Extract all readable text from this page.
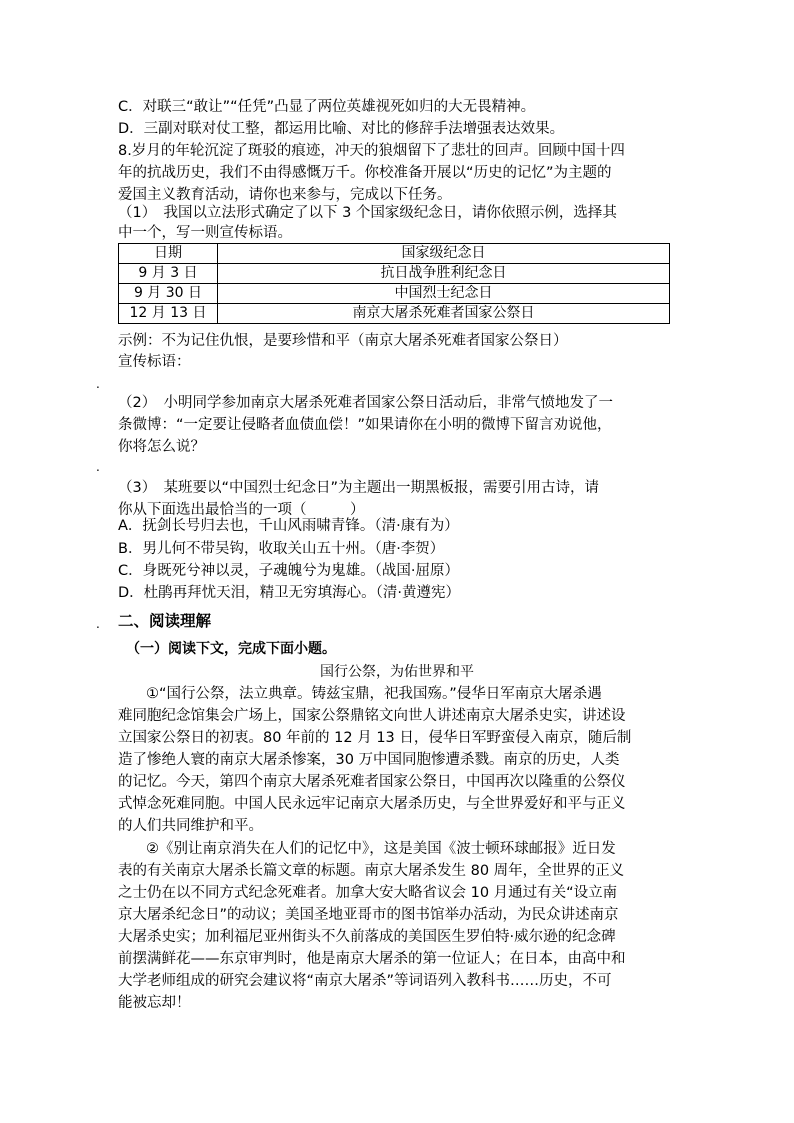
C．对联三“敢让”“任凭”凸显了两位英雄视死如归的大无畏精神。
D．三副对联对仗工整，都运用比喻、对比的修辞手法增强表达效果。
8.岁月的年轮沉淀了斑驳的痕迹，冲天的狼烟留下了悲壮的回声。回顾中国十四
年的抗战历史，我们不由得感慨万千。你校准备开展以“历史的记忆”为主题的
爱国主义教育活动，请你也来参与，完成以下任务。
（1）　我国以立法形式确定了以下 3 个国家级纪念日，请你依照示例，选择其
中一个，写一则宣传标语。
日期	国家级纪念日
9 月 3 日	抗日战争胜利纪念日
9 月 30 日	中国烈士纪念日
12 月 13 日	南京大屠杀死难者国家公祭日
示例：不为记住仇恨，是要珍惜和平（南京大屠杀死难者国家公祭日）
宣传标语：
.
（2）　小明同学参加南京大屠杀死难者国家公祭日活动后，非常气愤地发了一
条微博：“一定要让侵略者血债血偿！”如果请你在小明的微博下留言劝说他，
你将怎么说？
.
（3）　某班要以“中国烈士纪念日”为主题出一期黑板报，需要引用古诗，请
你从下面选出最恰当的一项（　　　）
A．抚剑长号归去也，千山风雨啸青锋。（清·康有为）
B．男儿何不带吴钩，收取关山五十州。（唐·李贺）
C．身既死兮神以灵，子魂魄兮为鬼雄。（战国·屈原）
D．杜鹃再拜忧天泪，精卫无穷填海心。（清·黄遵宪）
. 二、阅读理解
（一）阅读下文，完成下面小题。
国行公祭，为佑世界和平
①“国行公祭，法立典章。铸兹宝鼎，祀我国殇。”侵华日军南京大屠杀遇
难同胞纪念馆集会广场上，国家公祭鼎铭文向世人讲述南京大屠杀史实，讲述设
立国家公祭日的初衷。80 年前的 12 月 13 日，侵华日军野蛮侵入南京，随后制
造了惨绝人寰的南京大屠杀惨案，30 万中国同胞惨遭杀戮。南京的历史，人类
的记忆。今天，第四个南京大屠杀死难者国家公祭日，中国再次以隆重的公祭仪
式悼念死难同胞。中国人民永远牢记南京大屠杀历史，与全世界爱好和平与正义
的人们共同维护和平。
②《别让南京消失在人们的记忆中》，这是美国《波士顿环球邮报》近日发
表的有关南京大屠杀长篇文章的标题。南京大屠杀发生 80 周年，全世界的正义
之士仍在以不同方式纪念死难者。加拿大安大略省议会 10 月通过有关“设立南
京大屠杀纪念日”的动议；美国圣地亚哥市的图书馆举办活动，为民众讲述南京
大屠杀史实；加利福尼亚州街头不久前落成的美国医生罗伯特·威尔逊的纪念碑
前摆满鲜花——东京审判时，他是南京大屠杀的第一位证人；在日本，由高中和
大学老师组成的研究会建议将“南京大屠杀”等词语列入教科书……历史，不可
能被忘却！
